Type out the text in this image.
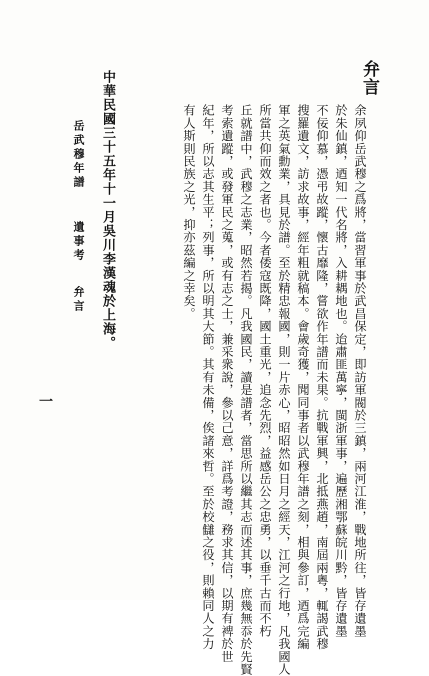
弁言
余夙仰岳武穆之爲將，當習軍事於武昌保定，即訪軍閥於三鎮，兩河江淮，戰地所往，皆存遺墨
於朱仙鎮，迺知一代名將，入耕耦地也。迨肅匪萬寧，閩浙軍事，遍歷湘鄂蘇皖川黔，皆存遺墨
不佞仰慕，憑弔故蹤，懷古靡隆，嘗欲作年譜而未果。抗戰軍興，北抵燕趙，南屆兩粵，輒謁武穆
搜羅遺文，訪求故事，經年粗就稿本。會歲奇獲，聞同事者以武穆年譜之刻，相與參訂，迺爲完編
軍之英氣勳業，具見於譜。至於精忠報國，則一片赤心，昭昭然如日月之經天，江河之行地，凡我國人
所當共仰而效之者也。今者倭寇既降，國土重光，追念先烈，益感岳公之忠勇，以垂千古而不朽
丘就譜中，武穆之志業，昭然若揭。凡我國民，讀是譜者，當思所以繼其志而述其事，庶幾無忝於先賢
考索遺蹤，或發軍民之蒐，或有志之士，兼采衆說，參以己意，詳爲考證，務求其信，以期有裨於世
紀年，所以志其生平；列事，所以明其大節。其有未備，俟諸來哲。至於校讎之役，則賴同人之力
有人斯則民族之光，抑亦茲編之幸矣。
中華民國三十五年十一月吳川李漢魂於上海。
岳武穆年譜 遺事考 弁言
一
